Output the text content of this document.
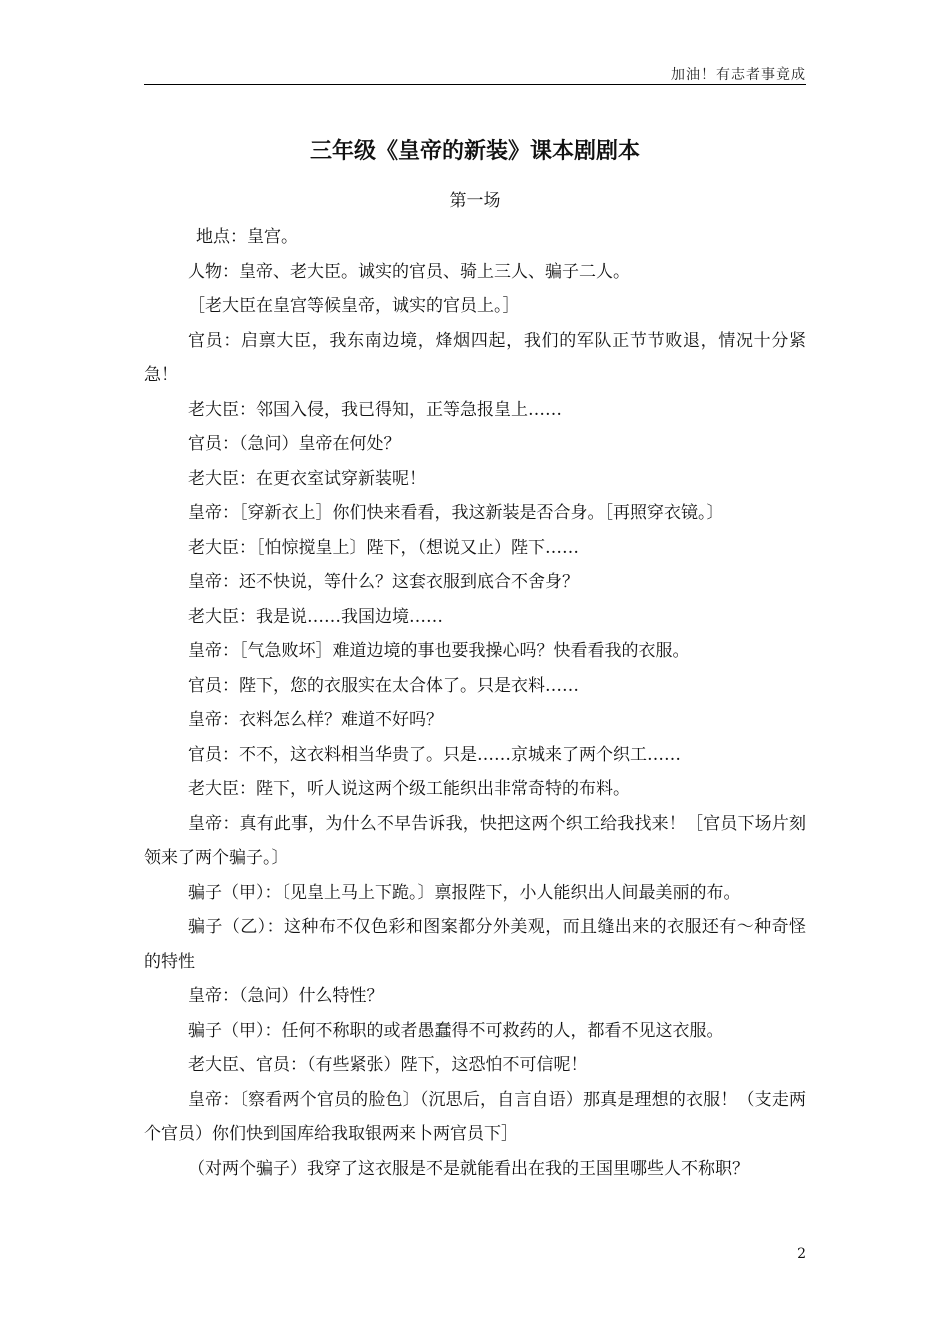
加油！有志者事竟成
三年级《皇帝的新装》课本剧剧本
第一场

地点：皇宫。

人物：皇帝、老大臣。诚实的官员、骑上三人、骗子二人。

［老大臣在皇宫等候皇帝，诚实的官员上。］

官员：启禀大臣，我东南边境，烽烟四起，我们的军队正节节败退，情况十分紧急！

老大臣：邻国入侵，我已得知，正等急报皇上……

官员：（急问）皇帝在何处？

老大臣：在更衣室试穿新装呢！

皇帝：［穿新衣上］你们快来看看，我这新装是否合身。［再照穿衣镜。〕

老大臣：［怕惊搅皇上〕陛下，（想说又止）陛下……

皇帝：还不快说，等什么？这套衣服到底合不舍身？

老大臣：我是说……我国边境……

皇帝：［气急败坏］难道边境的事也要我操心吗？快看看我的衣服。

官员：陛下，您的衣服实在太合体了。只是衣料……

皇帝：衣料怎么样？难道不好吗？

官员：不不，这衣料相当华贵了。只是……京城来了两个织工……

老大臣：陛下，听人说这两个级工能织出非常奇特的布料。

皇帝：真有此事，为什么不早告诉我，快把这两个织工给我找来！［官员下场片刻领来了两个骗子。〕

骗子（甲）：〔见皇上马上下跪。〕禀报陛下，小人能织出人间最美丽的布。

骗子（乙）：这种布不仅色彩和图案都分外美观，而且缝出来的衣服还有～种奇怪的特性

皇帝：（急问）什么特性？

骗子（甲）：任何不称职的或者愚蠢得不可救药的人，都看不见这衣服。

老大臣、官员：（有些紧张）陛下，这恐怕不可信呢！

皇帝：〔察看两个官员的脸色〕（沉思后，自言自语）那真是理想的衣服！（支走两个官员）你们快到国库给我取银两来卜两官员下］

（对两个骗子）我穿了这衣服是不是就能看出在我的王国里哪些人不称职？

2
